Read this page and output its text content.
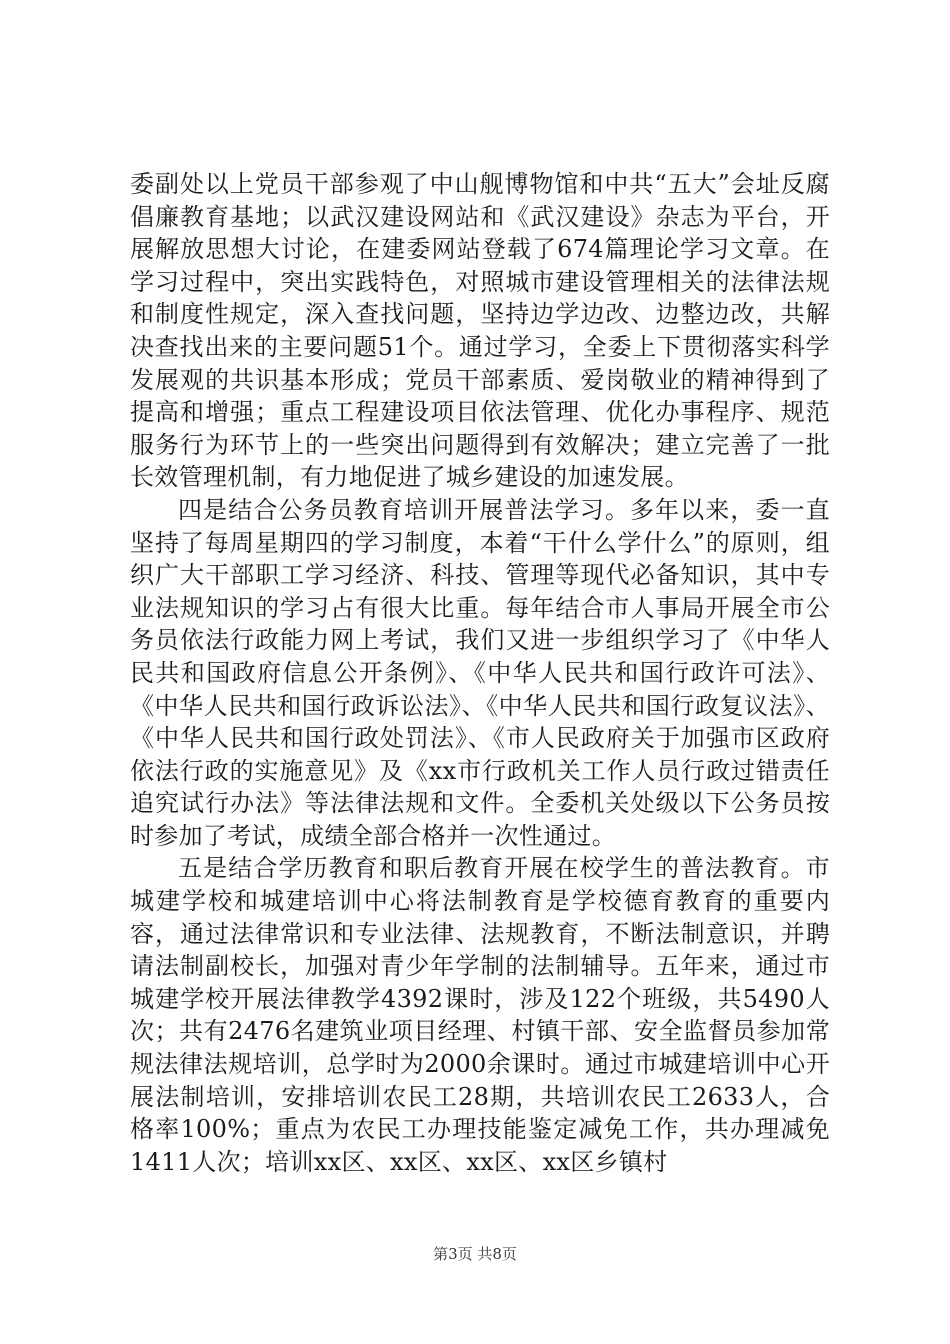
委副处以上党员干部参观了中山舰博物馆和中共“五大”会址反腐倡廉教育基地；以武汉建设网站和《武汉建设》杂志为平台，开展解放思想大讨论，在建委网站登载了674篇理论学习文章。在学习过程中，突出实践特色，对照城市建设管理相关的法律法规和制度性规定，深入查找问题，坚持边学边改、边整边改，共解决查找出来的主要问题51个。通过学习，全委上下贯彻落实科学发展观的共识基本形成；党员干部素质、爱岗敬业的精神得到了提高和增强；重点工程建设项目依法管理、优化办事程序、规范服务行为环节上的一些突出问题得到有效解决；建立完善了一批长效管理机制，有力地促进了城乡建设的加速发展。

四是结合公务员教育培训开展普法学习。多年以来，委一直坚持了每周星期四的学习制度，本着“干什么学什么”的原则，组织广大干部职工学习经济、科技、管理等现代必备知识，其中专业法规知识的学习占有很大比重。每年结合市人事局开展全市公务员依法行政能力网上考试，我们又进一步组织学习了《中华人民共和国政府信息公开条例》、《中华人民共和国行政许可法》、《中华人民共和国行政诉讼法》、《中华人民共和国行政复议法》、《中华人民共和国行政处罚法》、《市人民政府关于加强市区政府依法行政的实施意见》及《xx市行政机关工作人员行政过错责任追究试行办法》等法律法规和文件。全委机关处级以下公务员按时参加了考试，成绩全部合格并一次性通过。

五是结合学历教育和职后教育开展在校学生的普法教育。市城建学校和城建培训中心将法制教育是学校德育教育的重要内容，通过法律常识和专业法律、法规教育，不断法制意识，并聘请法制副校长，加强对青少年学制的法制辅导。五年来，通过市城建学校开展法律教学4392课时，涉及122个班级，共5490人次；共有2476名建筑业项目经理、村镇干部、安全监督员参加常规法律法规培训，总学时为2000余课时。通过市城建培训中心开展法制培训，安排培训农民工28期，共培训农民工2633人，合格率100%；重点为农民工办理技能鉴定减免工作，共办理减免1411人次；培训xx区、xx区、xx区、xx区乡镇村

第3页 共8页
